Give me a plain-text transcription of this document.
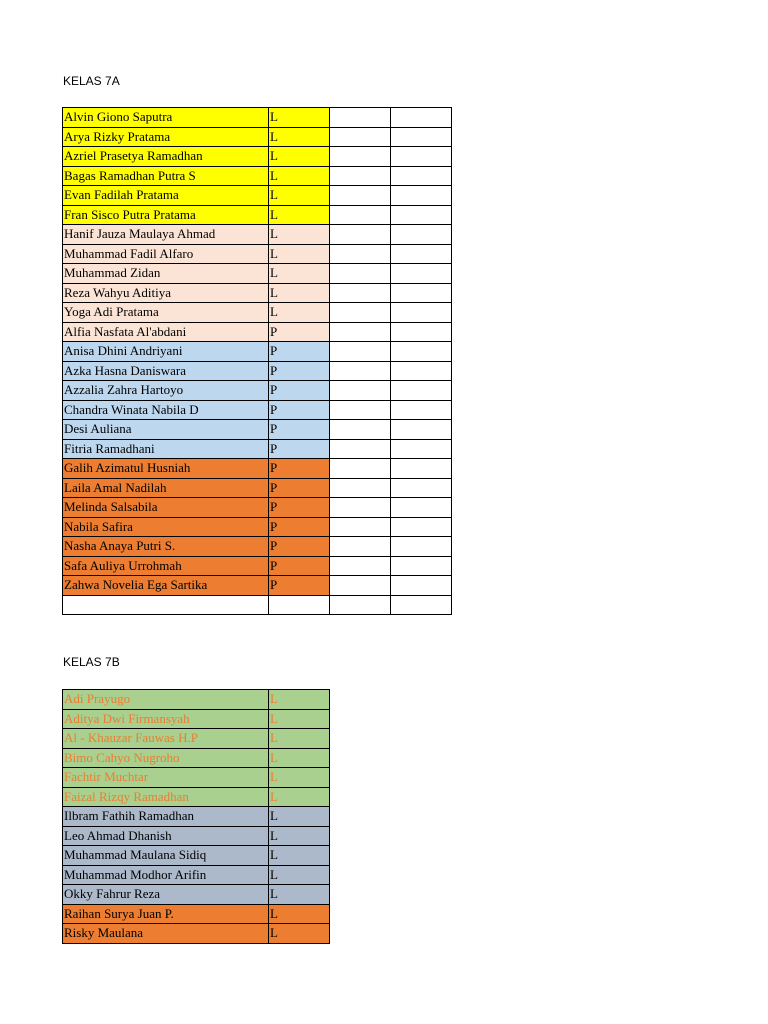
KELAS 7A
Alvin Giono Saputra	L		
Arya Rizky Pratama	L		
Azriel Prasetya Ramadhan	L		
Bagas Ramadhan Putra S	L		
Evan Fadilah Pratama	L		
Fran Sisco Putra Pratama	L		
Hanif Jauza Maulaya Ahmad	L		
Muhammad Fadil Alfaro	L		
Muhammad Zidan	L		
Reza Wahyu Aditiya	L		
Yoga Adi Pratama	L		
Alfia Nasfata Al'abdani	P		
Anisa Dhini Andriyani	P		
Azka Hasna Daniswara	P		
Azzalia Zahra Hartoyo	P		
Chandra Winata Nabila D	P		
Desi Auliana	P		
Fitria Ramadhani	P		
Galih Azimatul Husniah	P		
Laila Amal Nadilah	P		
Melinda Salsabila	P		
Nabila Safira	P		
Nasha Anaya Putri S.	P		
Safa Auliya Urrohmah	P		
Zahwa Novelia Ega Sartika	P		

KELAS 7B
Adi Prayugo	L
Aditya Dwi Firmansyah	L
Al - Khauzar Fauwas H.P	L
Bimo Cahyo Nugroho	L
Fachtir Muchtar	L
Faizal Rizqy Ramadhan	L
Ilbram Fathih Ramadhan	L
Leo Ahmad Dhanish	L
Muhammad Maulana Sidiq	L
Muhammad Modhor Arifin	L
Okky Fahrur Reza	L
Raihan Surya Juan P.	L
Risky Maulana	L
